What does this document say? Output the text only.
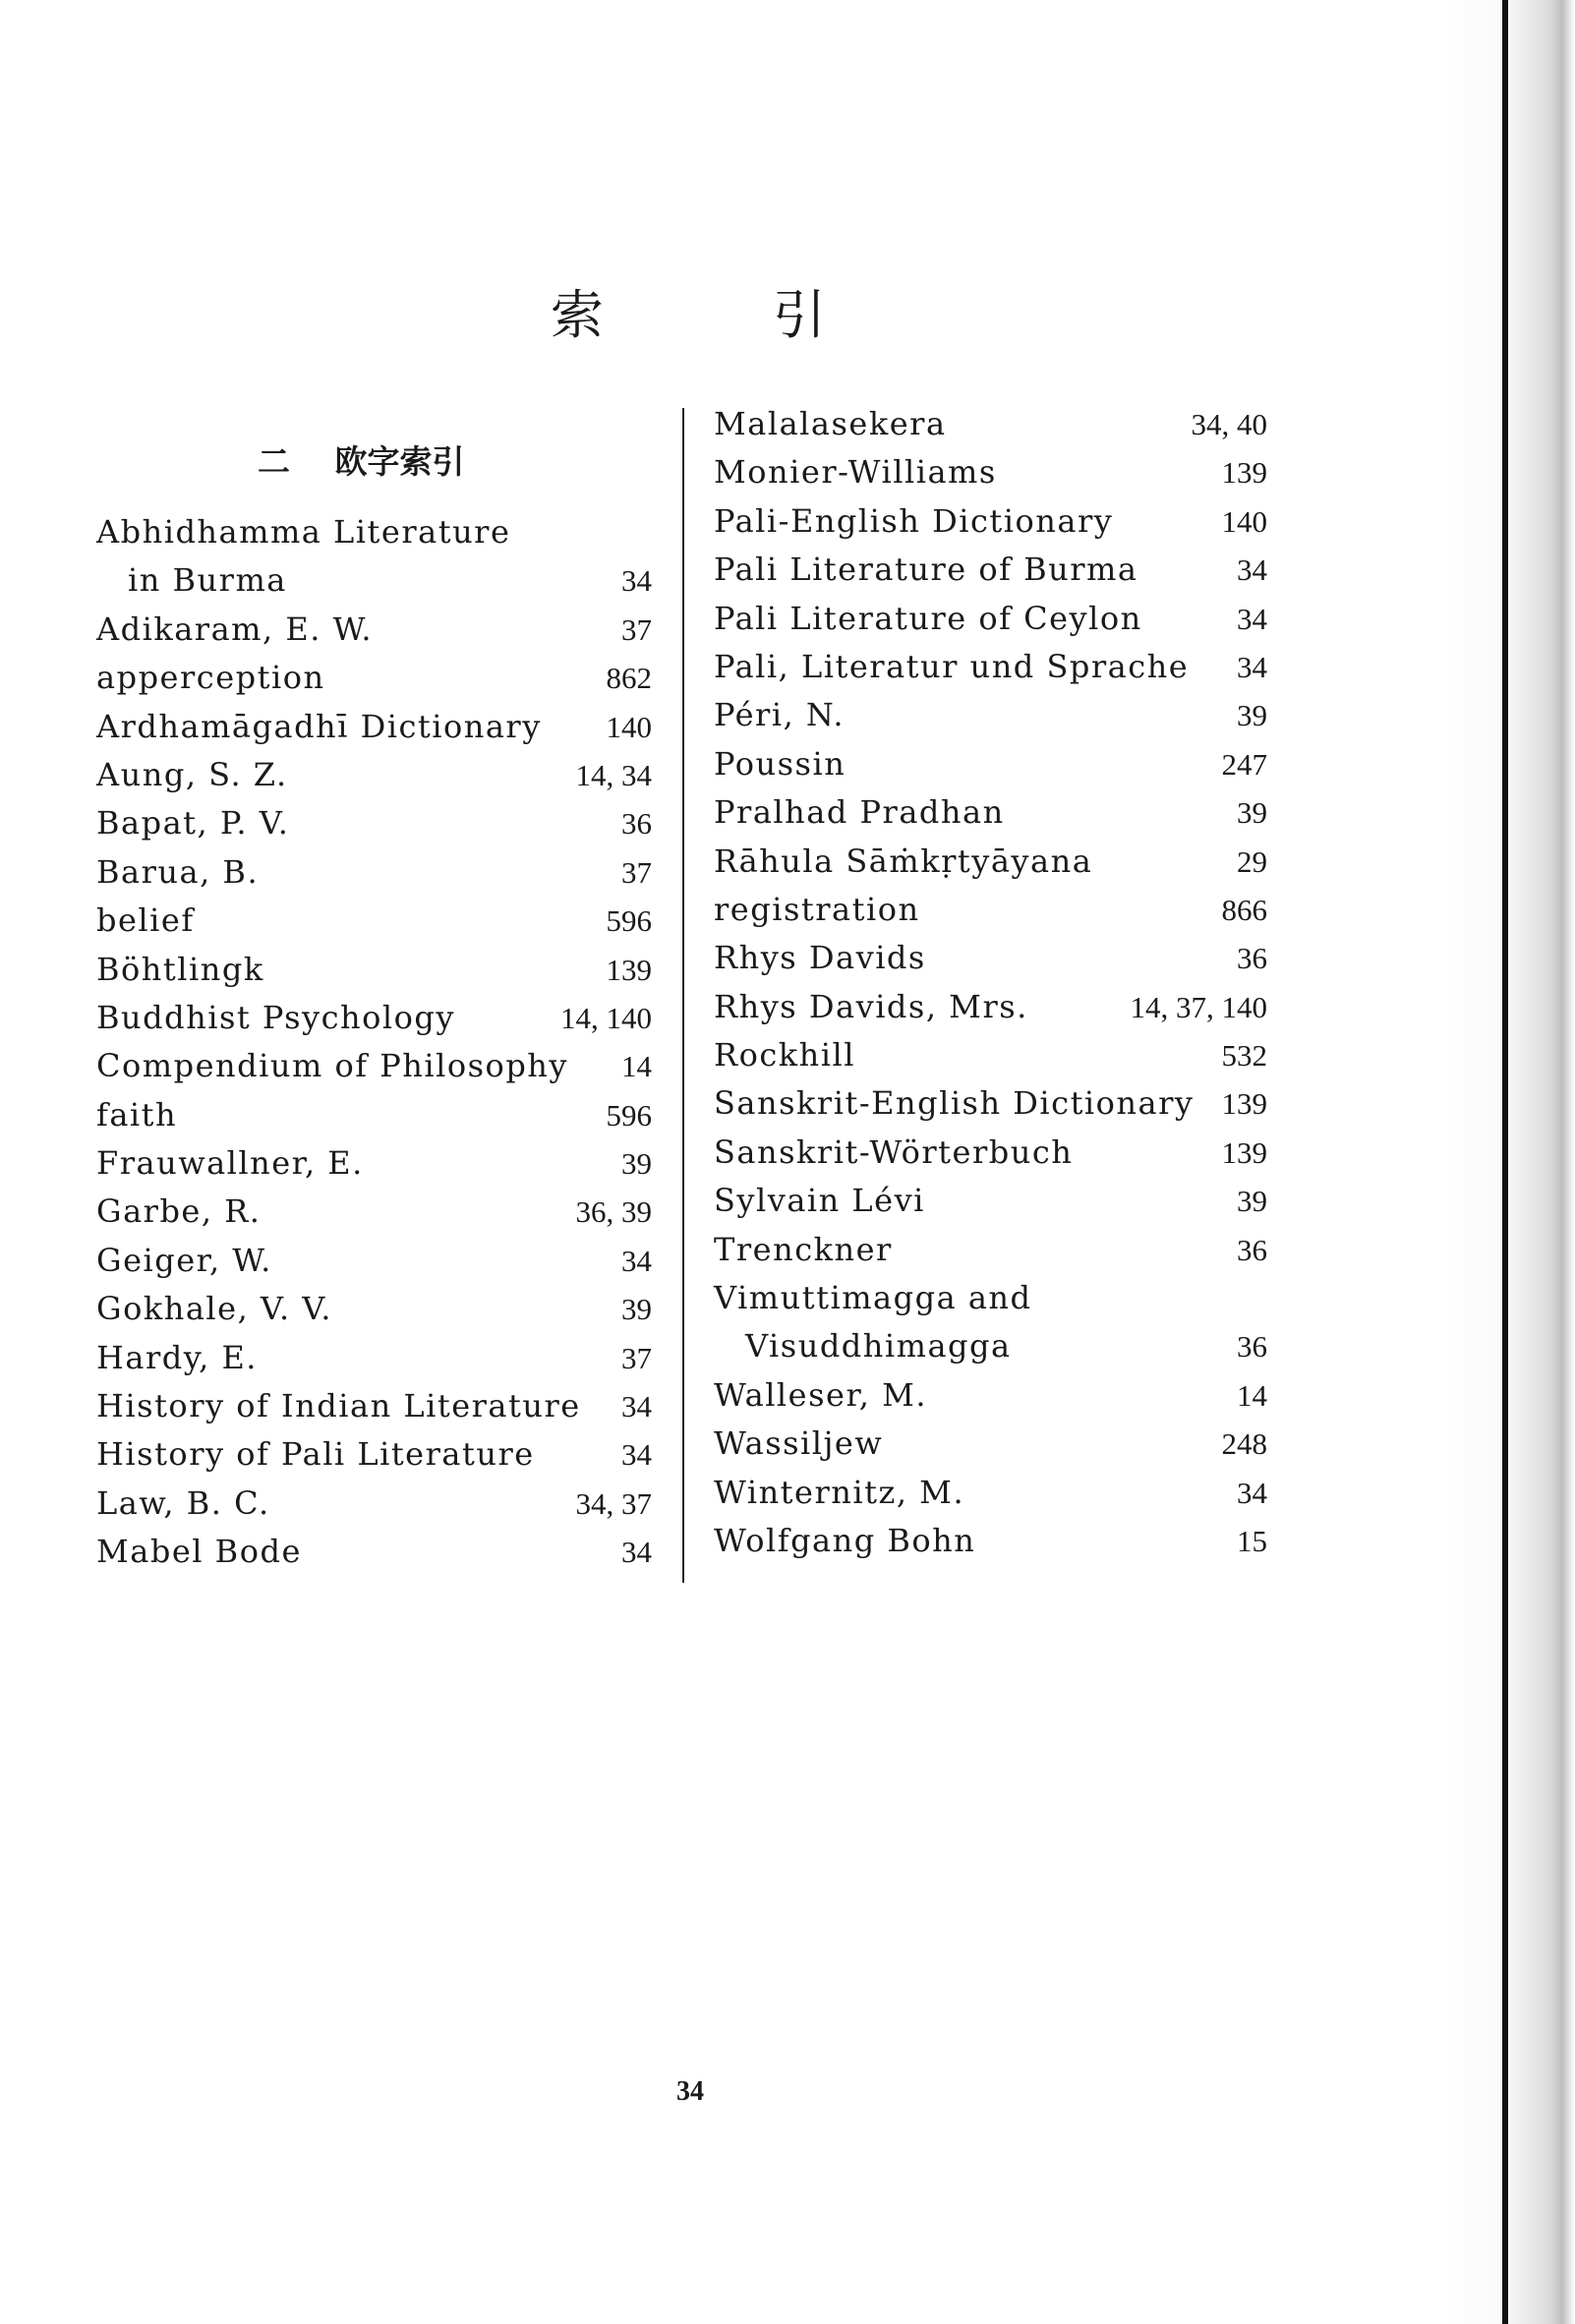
索	引
二 欧字索引
Abhidhamma Literature
in Burma	34
Adikaram, E. W.	37
apperception	862
Ardhamāgadhī Dictionary 140
Aung, S. Z.	14, 34
Bapat, P. V.	36
Barua, B.	37
belief	596
Böhtlingk	139
Buddhist Psychology	14, 140
Compendium of Philosophy 14
faith	596
Frauwallner, E.	39
Garbe, R.	36, 39
Geiger, W.	34
Gokhale, V. V.	39
Hardy, E.	37
History of Indian Literature 34
History of Pali Literature	34
Law, B. C.	34, 37
Mabel Bode	34
Malalasekera	34, 40
Monier-Williams	139
Pali-English Dictionary	140
Pali Literature of Burma	34
Pali Literature of Ceylon	34
Pali, Literatur und Sprache 34
Péri, N.	39
Poussin	247
Pralhad Pradhan	39
Rāhula Sāṁkṛtyāyana	29
registration	866
Rhys Davids	36
Rhys Davids, Mrs.	14, 37, 140
Rockhill	532
Sanskrit-English Dictionary 139
Sanskrit-Wörterbuch	139
Sylvain Lévi	39
Trenckner	36
Vimuttimagga and
Visuddhimagga	36
Walleser, M.	14
Wassiljew	248
Winternitz, M.	34
Wolfgang Bohn	15
34
